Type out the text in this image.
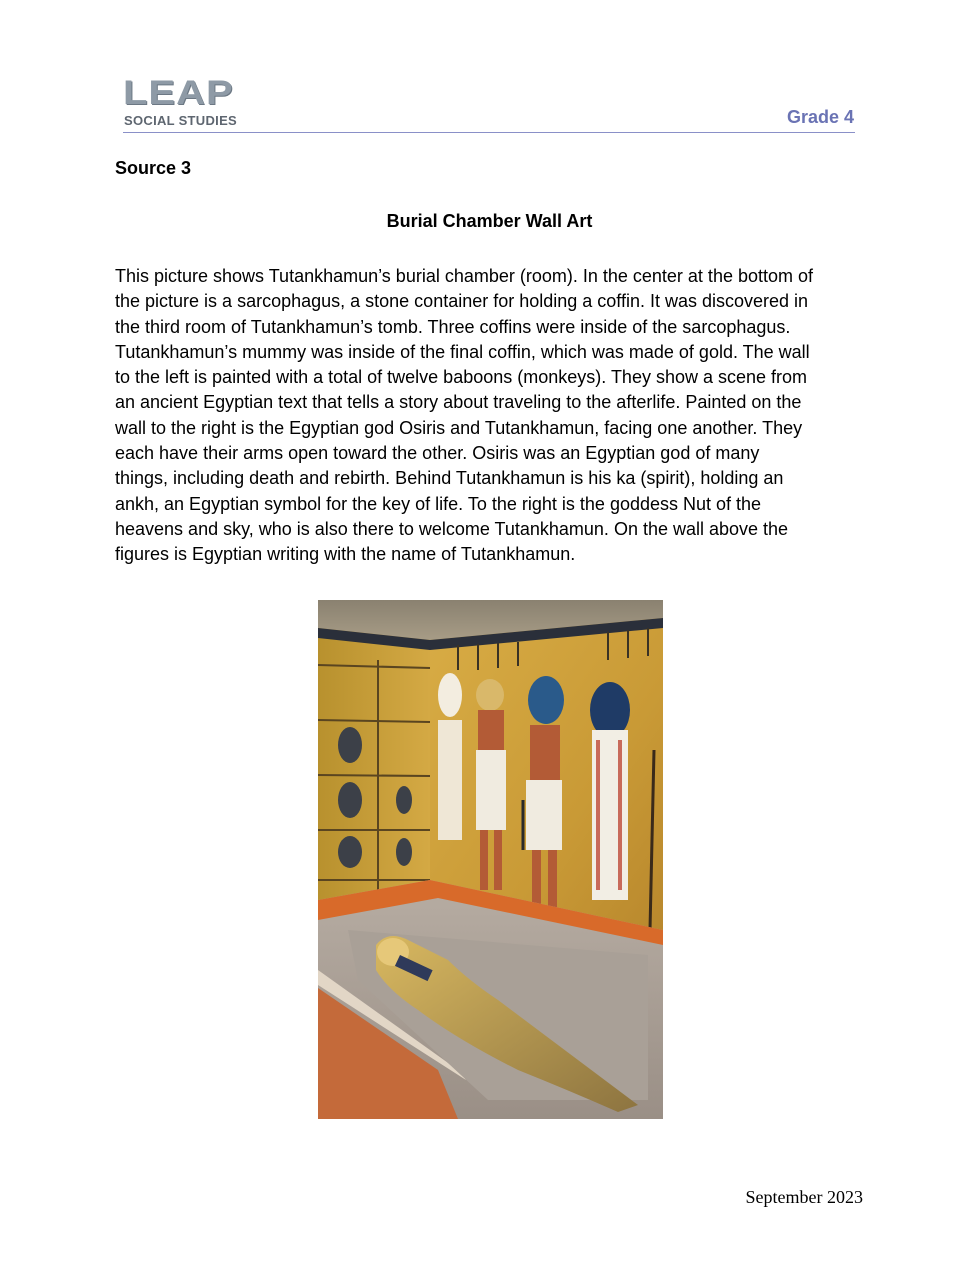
LEAP
SOCIAL STUDIES	Grade 4
Source 3
Burial Chamber Wall Art
This picture shows Tutankhamun’s burial chamber (room). In the center at the bottom of
the picture is a sarcophagus, a stone container for holding a coffin. It was discovered in
the third room of Tutankhamun’s tomb. Three coffins were inside of the sarcophagus.
Tutankhamun’s mummy was inside of the final coffin, which was made of gold. The wall
to the left is painted with a total of twelve baboons (monkeys). They show a scene from
an ancient Egyptian text that tells a story about traveling to the afterlife. Painted on the
wall to the right is the Egyptian god Osiris and Tutankhamun, facing one another. They
each have their arms open toward the other. Osiris was an Egyptian god of many
things, including death and rebirth. Behind Tutankhamun is his ka (spirit), holding an
ankh, an Egyptian symbol for the key of life. To the right is the goddess Nut of the
heavens and sky, who is also there to welcome Tutankhamun. On the wall above the
figures is Egyptian writing with the name of Tutankhamun.
September 2023
